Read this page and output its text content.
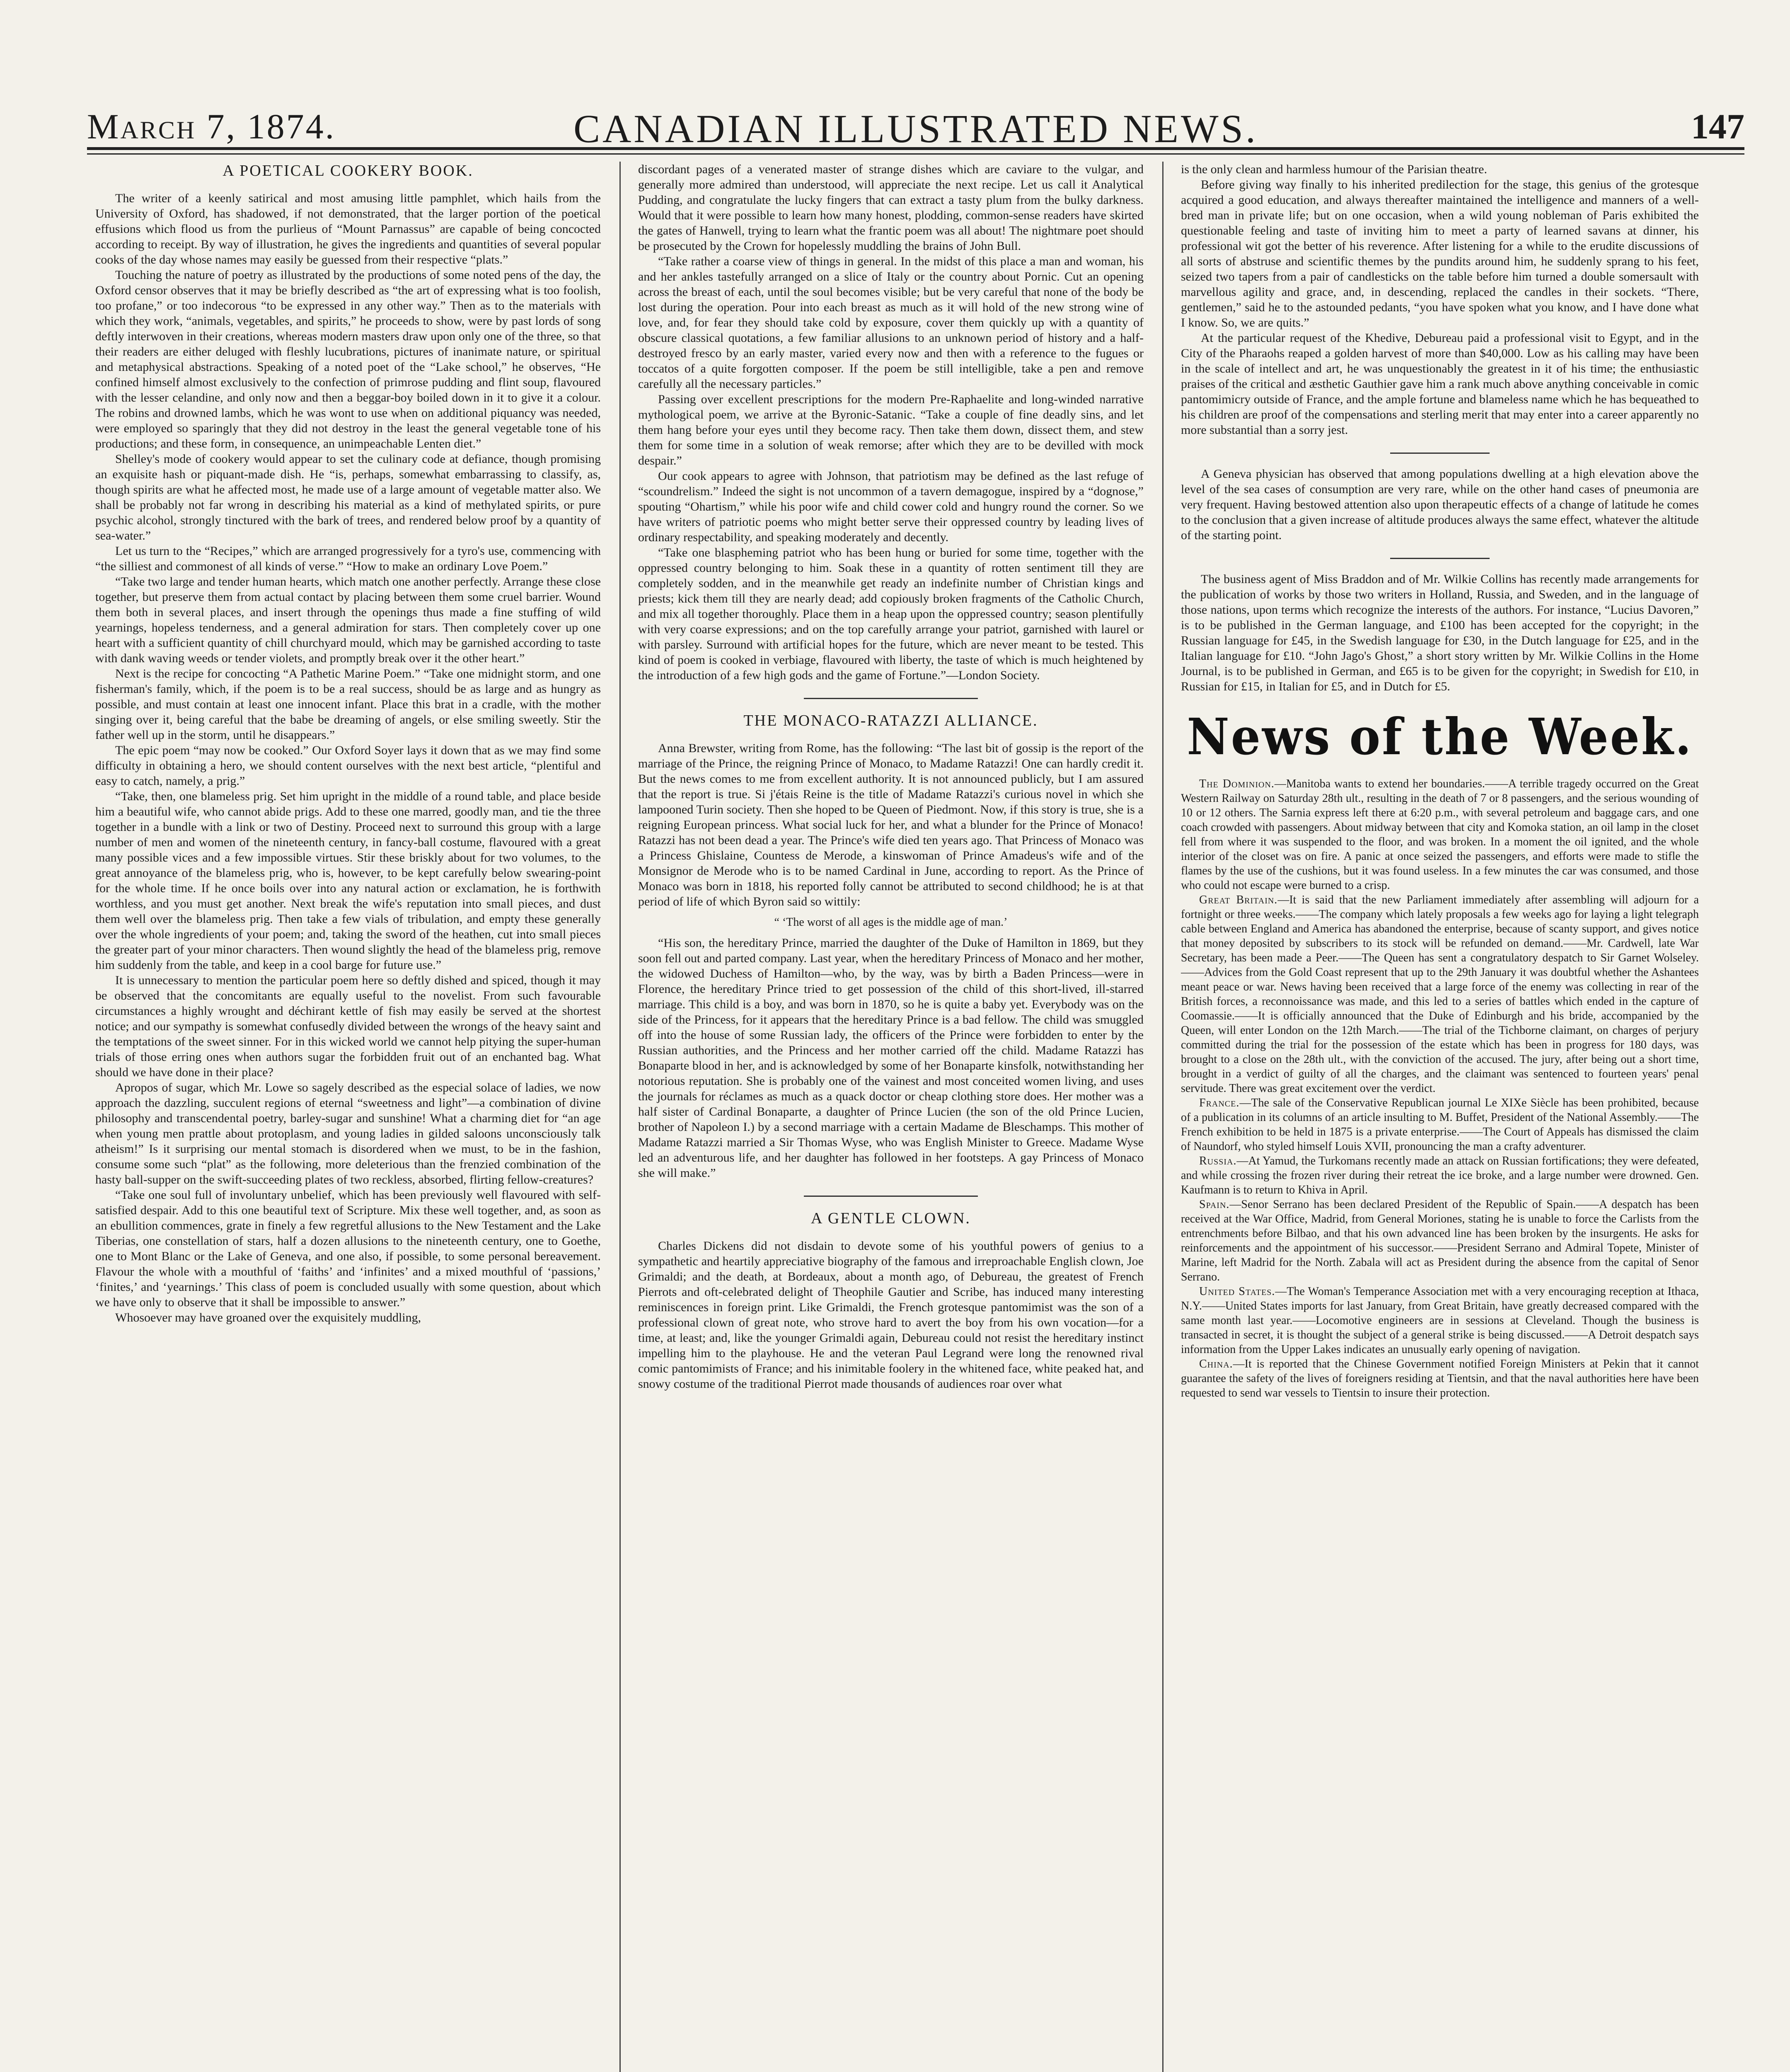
March 7, 1874.	CANADIAN ILLUSTRATED NEWS.	147
A POETICAL COOKERY BOOK.

The writer of a keenly satirical and most amusing little pamphlet, which hails from the University of Oxford, has shadowed, if not demonstrated, that the larger portion of the poetical effusions which flood us from the purlieus of “Mount Parnassus” are capable of being concocted according to receipt. By way of illustration, he gives the ingredients and quantities of several popular cooks of the day whose names may easily be guessed from their respective “plats.”

Touching the nature of poetry as illustrated by the productions of some noted pens of the day, the Oxford censor observes that it may be briefly described as “the art of expressing what is too foolish, too profane,” or too indecorous “to be expressed in any other way.” Then as to the materials with which they work, “animals, vegetables, and spirits,” he proceeds to show, were by past lords of song deftly interwoven in their creations, whereas modern masters draw upon only one of the three, so that their readers are either deluged with fleshly lucubrations, pictures of inanimate nature, or spiritual and metaphysical abstractions. Speaking of a noted poet of the “Lake school,” he observes, “He confined himself almost exclusively to the confection of primrose pudding and flint soup, flavoured with the lesser celandine, and only now and then a beggar-boy boiled down in it to give it a colour. The robins and drowned lambs, which he was wont to use when on additional piquancy was needed, were employed so sparingly that they did not destroy in the least the general vegetable tone of his productions; and these form, in consequence, an unimpeachable Lenten diet.”

Shelley's mode of cookery would appear to set the culinary code at defiance, though promising an exquisite hash or piquant-made dish. He “is, perhaps, somewhat embarrassing to classify, as, though spirits are what he affected most, he made use of a large amount of vegetable matter also. We shall be probably not far wrong in describing his material as a kind of methylated spirits, or pure psychic alcohol, strongly tinctured with the bark of trees, and rendered below proof by a quantity of sea-water.”

Let us turn to the “Recipes,” which are arranged progressively for a tyro's use, commencing with “the silliest and commonest of all kinds of verse.” “How to make an ordinary Love Poem.”

“Take two large and tender human hearts, which match one another perfectly. Arrange these close together, but preserve them from actual contact by placing between them some cruel barrier. Wound them both in several places, and insert through the openings thus made a fine stuffing of wild yearnings, hopeless tenderness, and a general admiration for stars. Then completely cover up one heart with a sufficient quantity of chill churchyard mould, which may be garnished according to taste with dank waving weeds or tender violets, and promptly break over it the other heart.”

Next is the recipe for concocting “A Pathetic Marine Poem.” “Take one midnight storm, and one fisherman's family, which, if the poem is to be a real success, should be as large and as hungry as possible, and must contain at least one innocent infant. Place this brat in a cradle, with the mother singing over it, being careful that the babe be dreaming of angels, or else smiling sweetly. Stir the father well up in the storm, until he disappears.”

The epic poem “may now be cooked.” Our Oxford Soyer lays it down that as we may find some difficulty in obtaining a hero, we should content ourselves with the next best article, “plentiful and easy to catch, namely, a prig.”

“Take, then, one blameless prig. Set him upright in the middle of a round table, and place beside him a beautiful wife, who cannot abide prigs. Add to these one marred, goodly man, and tie the three together in a bundle with a link or two of Destiny. Proceed next to surround this group with a large number of men and women of the nineteenth century, in fancy-ball costume, flavoured with a great many possible vices and a few impossible virtues. Stir these briskly about for two volumes, to the great annoyance of the blameless prig, who is, however, to be kept carefully below swearing-point for the whole time. If he once boils over into any natural action or exclamation, he is forthwith worthless, and you must get another. Next break the wife's reputation into small pieces, and dust them well over the blameless prig. Then take a few vials of tribulation, and empty these generally over the whole ingredients of your poem; and, taking the sword of the heathen, cut into small pieces the greater part of your minor characters. Then wound slightly the head of the blameless prig, remove him suddenly from the table, and keep in a cool barge for future use.”

It is unnecessary to mention the particular poem here so deftly dished and spiced, though it may be observed that the concomitants are equally useful to the novelist. From such favourable circumstances a highly wrought and déchirant kettle of fish may easily be served at the shortest notice; and our sympathy is somewhat confusedly divided between the wrongs of the heavy saint and the temptations of the sweet sinner. For in this wicked world we cannot help pitying the super-human trials of those erring ones when authors sugar the forbidden fruit out of an enchanted bag. What should we have done in their place?

Apropos of sugar, which Mr. Lowe so sagely described as the especial solace of ladies, we now approach the dazzling, succulent regions of eternal “sweetness and light”—a combination of divine philosophy and transcendental poetry, barley-sugar and sunshine! What a charming diet for “an age when young men prattle about protoplasm, and young ladies in gilded saloons unconsciously talk atheism!” Is it surprising our mental stomach is disordered when we must, to be in the fashion, consume some such “plat” as the following, more deleterious than the frenzied combination of the hasty ball-supper on the swift-succeeding plates of two reckless, absorbed, flirting fellow-creatures?

“Take one soul full of involuntary unbelief, which has been previously well flavoured with self-satisfied despair. Add to this one beautiful text of Scripture. Mix these well together, and, as soon as an ebullition commences, grate in finely a few regretful allusions to the New Testament and the Lake Tiberias, one constellation of stars, half a dozen allusions to the nineteenth century, one to Goethe, one to Mont Blanc or the Lake of Geneva, and one also, if possible, to some personal bereavement. Flavour the whole with a mouthful of ‘faiths’ and ‘infinites’ and a mixed mouthful of ‘passions,’ ‘finites,’ and ‘yearnings.’ This class of poem is concluded usually with some question, about which we have only to observe that it shall be impossible to answer.”

Whosoever may have groaned over the exquisitely muddling,

discordant pages of a venerated master of strange dishes which are caviare to the vulgar, and generally more admired than understood, will appreciate the next recipe. Let us call it Analytical Pudding, and congratulate the lucky fingers that can extract a tasty plum from the bulky darkness. Would that it were possible to learn how many honest, plodding, common-sense readers have skirted the gates of Hanwell, trying to learn what the frantic poem was all about! The nightmare poet should be prosecuted by the Crown for hopelessly muddling the brains of John Bull.

“Take rather a coarse view of things in general. In the midst of this place a man and woman, his and her ankles tastefully arranged on a slice of Italy or the country about Pornic. Cut an opening across the breast of each, until the soul becomes visible; but be very careful that none of the body be lost during the operation. Pour into each breast as much as it will hold of the new strong wine of love, and, for fear they should take cold by exposure, cover them quickly up with a quantity of obscure classical quotations, a few familiar allusions to an unknown period of history and a half-destroyed fresco by an early master, varied every now and then with a reference to the fugues or toccatos of a quite forgotten composer. If the poem be still intelligible, take a pen and remove carefully all the necessary particles.”

Passing over excellent prescriptions for the modern Pre-Raphaelite and long-winded narrative mythological poem, we arrive at the Byronic-Satanic. “Take a couple of fine deadly sins, and let them hang before your eyes until they become racy. Then take them down, dissect them, and stew them for some time in a solution of weak remorse; after which they are to be devilled with mock despair.”

Our cook appears to agree with Johnson, that patriotism may be defined as the last refuge of “scoundrelism.” Indeed the sight is not uncommon of a tavern demagogue, inspired by a “dognose,” spouting “Ohartism,” while his poor wife and child cower cold and hungry round the corner. So we have writers of patriotic poems who might better serve their oppressed country by leading lives of ordinary respectability, and speaking moderately and decently.

“Take one blaspheming patriot who has been hung or buried for some time, together with the oppressed country belonging to him. Soak these in a quantity of rotten sentiment till they are completely sodden, and in the meanwhile get ready an indefinite number of Christian kings and priests; kick them till they are nearly dead; add copiously broken fragments of the Catholic Church, and mix all together thoroughly. Place them in a heap upon the oppressed country; season plentifully with very coarse expressions; and on the top carefully arrange your patriot, garnished with laurel or with parsley. Surround with artificial hopes for the future, which are never meant to be tested. This kind of poem is cooked in verbiage, flavoured with liberty, the taste of which is much heightened by the introduction of a few high gods and the game of Fortune.”—London Society.

THE MONACO-RATAZZI ALLIANCE.

Anna Brewster, writing from Rome, has the following: “The last bit of gossip is the report of the marriage of the Prince, the reigning Prince of Monaco, to Madame Ratazzi! One can hardly credit it. But the news comes to me from excellent authority. It is not announced publicly, but I am assured that the report is true. Si j'étais Reine is the title of Madame Ratazzi's curious novel in which she lampooned Turin society. Then she hoped to be Queen of Piedmont. Now, if this story is true, she is a reigning European princess. What social luck for her, and what a blunder for the Prince of Monaco! Ratazzi has not been dead a year. The Prince's wife died ten years ago. That Princess of Monaco was a Princess Ghislaine, Countess de Merode, a kinswoman of Prince Amadeus's wife and of the Monsignor de Merode who is to be named Cardinal in June, according to report. As the Prince of Monaco was born in 1818, his reported folly cannot be attributed to second childhood; he is at that period of life of which Byron said so wittily:

“ ‘The worst of all ages is the middle age of man.’

“His son, the hereditary Prince, married the daughter of the Duke of Hamilton in 1869, but they soon fell out and parted company. Last year, when the hereditary Princess of Monaco and her mother, the widowed Duchess of Hamilton—who, by the way, was by birth a Baden Princess—were in Florence, the hereditary Prince tried to get possession of the child of this short-lived, ill-starred marriage. This child is a boy, and was born in 1870, so he is quite a baby yet. Everybody was on the side of the Princess, for it appears that the hereditary Prince is a bad fellow. The child was smuggled off into the house of some Russian lady, the officers of the Prince were forbidden to enter by the Russian authorities, and the Princess and her mother carried off the child. Madame Ratazzi has Bonaparte blood in her, and is acknowledged by some of her Bonaparte kinsfolk, notwithstanding her notorious reputation. She is probably one of the vainest and most conceited women living, and uses the journals for réclames as much as a quack doctor or cheap clothing store does. Her mother was a half sister of Cardinal Bonaparte, a daughter of Prince Lucien (the son of the old Prince Lucien, brother of Napoleon I.) by a second marriage with a certain Madame de Bleschamps. This mother of Madame Ratazzi married a Sir Thomas Wyse, who was English Minister to Greece. Madame Wyse led an adventurous life, and her daughter has followed in her footsteps. A gay Princess of Monaco she will make.”

A GENTLE CLOWN.

Charles Dickens did not disdain to devote some of his youthful powers of genius to a sympathetic and heartily appreciative biography of the famous and irreproachable English clown, Joe Grimaldi; and the death, at Bordeaux, about a month ago, of Debureau, the greatest of French Pierrots and oft-celebrated delight of Theophile Gautier and Scribe, has induced many interesting reminiscences in foreign print. Like Grimaldi, the French grotesque pantomimist was the son of a professional clown of great note, who strove hard to avert the boy from his own vocation—for a time, at least; and, like the younger Grimaldi again, Debureau could not resist the hereditary instinct impelling him to the playhouse. He and the veteran Paul Legrand were long the renowned rival comic pantomimists of France; and his inimitable foolery in the whitened face, white peaked hat, and snowy costume of the traditional Pierrot made thousands of audiences roar over what

is the only clean and harmless humour of the Parisian theatre.

Before giving way finally to his inherited predilection for the stage, this genius of the grotesque acquired a good education, and always thereafter maintained the intelligence and manners of a well-bred man in private life; but on one occasion, when a wild young nobleman of Paris exhibited the questionable feeling and taste of inviting him to meet a party of learned savans at dinner, his professional wit got the better of his reverence. After listening for a while to the erudite discussions of all sorts of abstruse and scientific themes by the pundits around him, he suddenly sprang to his feet, seized two tapers from a pair of candlesticks on the table before him turned a double somersault with marvellous agility and grace, and, in descending, replaced the candles in their sockets. “There, gentlemen,” said he to the astounded pedants, “you have spoken what you know, and I have done what I know. So, we are quits.”

At the particular request of the Khedive, Debureau paid a professional visit to Egypt, and in the City of the Pharaohs reaped a golden harvest of more than $40,000. Low as his calling may have been in the scale of intellect and art, he was unquestionably the greatest in it of his time; the enthusiastic praises of the critical and æsthetic Gauthier gave him a rank much above anything conceivable in comic pantomimicry outside of France, and the ample fortune and blameless name which he has bequeathed to his children are proof of the compensations and sterling merit that may enter into a career apparently no more substantial than a sorry jest.

A Geneva physician has observed that among populations dwelling at a high elevation above the level of the sea cases of consumption are very rare, while on the other hand cases of pneumonia are very frequent. Having bestowed attention also upon therapeutic effects of a change of latitude he comes to the conclusion that a given increase of altitude produces always the same effect, whatever the altitude of the starting point.

The business agent of Miss Braddon and of Mr. Wilkie Collins has recently made arrangements for the publication of works by those two writers in Holland, Russia, and Sweden, and in the language of those nations, upon terms which recognize the interests of the authors. For instance, “Lucius Davoren,” is to be published in the German language, and £100 has been accepted for the copyright; in the Russian language for £45, in the Swedish language for £30, in the Dutch language for £25, and in the Italian language for £10. “John Jago's Ghost,” a short story written by Mr. Wilkie Collins in the Home Journal, is to be published in German, and £65 is to be given for the copyright; in Swedish for £10, in Russian for £15, in Italian for £5, and in Dutch for £5.

News of the Week.

The Dominion.—Manitoba wants to extend her boundaries.——A terrible tragedy occurred on the Great Western Railway on Saturday 28th ult., resulting in the death of 7 or 8 passengers, and the serious wounding of 10 or 12 others. The Sarnia express left there at 6:20 p.m., with several petroleum and baggage cars, and one coach crowded with passengers. About midway between that city and Komoka station, an oil lamp in the closet fell from where it was suspended to the floor, and was broken. In a moment the oil ignited, and the whole interior of the closet was on fire. A panic at once seized the passengers, and efforts were made to stifle the flames by the use of the cushions, but it was found useless. In a few minutes the car was consumed, and those who could not escape were burned to a crisp.

Great Britain.—It is said that the new Parliament immediately after assembling will adjourn for a fortnight or three weeks.——The company which lately proposals a few weeks ago for laying a light telegraph cable between England and America has abandoned the enterprise, because of scanty support, and gives notice that money deposited by subscribers to its stock will be refunded on demand.——Mr. Cardwell, late War Secretary, has been made a Peer.——The Queen has sent a congratulatory despatch to Sir Garnet Wolseley.——Advices from the Gold Coast represent that up to the 29th January it was doubtful whether the Ashantees meant peace or war. News having been received that a large force of the enemy was collecting in rear of the British forces, a reconnoissance was made, and this led to a series of battles which ended in the capture of Coomassie.——It is officially announced that the Duke of Edinburgh and his bride, accompanied by the Queen, will enter London on the 12th March.——The trial of the Tichborne claimant, on charges of perjury committed during the trial for the possession of the estate which has been in progress for 180 days, was brought to a close on the 28th ult., with the conviction of the accused. The jury, after being out a short time, brought in a verdict of guilty of all the charges, and the claimant was sentenced to fourteen years' penal servitude. There was great excitement over the verdict.

France.—The sale of the Conservative Republican journal Le XIXe Siècle has been prohibited, because of a publication in its columns of an article insulting to M. Buffet, President of the National Assembly.——The French exhibition to be held in 1875 is a private enterprise.——The Court of Appeals has dismissed the claim of Naundorf, who styled himself Louis XVII, pronouncing the man a crafty adventurer.

Russia.—At Yamud, the Turkomans recently made an attack on Russian fortifications; they were defeated, and while crossing the frozen river during their retreat the ice broke, and a large number were drowned. Gen. Kaufmann is to return to Khiva in April.

Spain.—Senor Serrano has been declared President of the Republic of Spain.——A despatch has been received at the War Office, Madrid, from General Moriones, stating he is unable to force the Carlists from the entrenchments before Bilbao, and that his own advanced line has been broken by the insurgents. He asks for reinforcements and the appointment of his successor.——President Serrano and Admiral Topete, Minister of Marine, left Madrid for the North. Zabala will act as President during the absence from the capital of Senor Serrano.

United States.—The Woman's Temperance Association met with a very encouraging reception at Ithaca, N.Y.——United States imports for last January, from Great Britain, have greatly decreased compared with the same month last year.——Locomotive engineers are in sessions at Cleveland. Though the business is transacted in secret, it is thought the subject of a general strike is being discussed.——A Detroit despatch says information from the Upper Lakes indicates an unusually early opening of navigation.

China.—It is reported that the Chinese Government notified Foreign Ministers at Pekin that it cannot guarantee the safety of the lives of foreigners residing at Tientsin, and that the naval authorities here have been requested to send war vessels to Tientsin to insure their protection.
